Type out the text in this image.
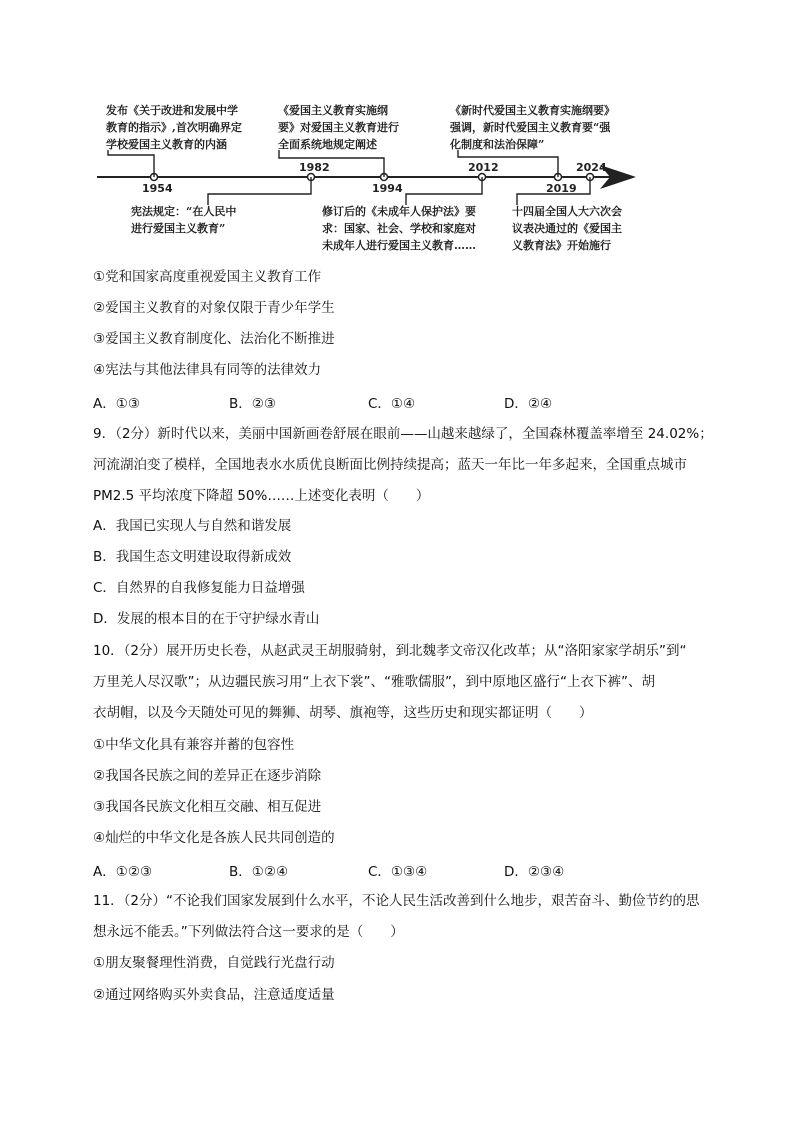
1954
1982
1994
2012
2019
2024
发布《关于改进和发展中学
教育的指示》,首次明确界定
学校爱国主义教育的内涵
《爱国主义教育实施纲
要》对爱国主义教育进行
全面系统地规定阐述
《新时代爱国主义教育实施纲要》
强调，新时代爱国主义教育要“强
化制度和法治保障”
宪法规定：“在人民中
进行爱国主义教育”
修订后的《未成年人保护法》要
求：国家、社会、学校和家庭对
未成年人进行爱国主义教育……
十四届全国人大六次会
议表决通过的《爱国主
义教育法》开始施行
①党和国家高度重视爱国主义教育工作
②爱国主义教育的对象仅限于青少年学生
③爱国主义教育制度化、法治化不断推进
④宪法与其他法律具有同等的法律效力
A．①③	B．②③	C．①④	D．②④
9．（2分）新时代以来，美丽中国新画卷舒展在眼前——山越来越绿了，全国森林覆盖率增至 24.02%；
河流湖泊变了模样，全国地表水水质优良断面比例持续提高；蓝天一年比一年多起来，全国重点城市
PM2.5 平均浓度下降超 50%……上述变化表明（　　）
A．我国已实现人与自然和谐发展
B．我国生态文明建设取得新成效
C．自然界的自我修复能力日益增强
D．发展的根本目的在于守护绿水青山
10．（2分）展开历史长卷，从赵武灵王胡服骑射，到北魏孝文帝汉化改革；从“洛阳家家学胡乐”到“
万里羌人尽汉歌”；从边疆民族习用“上衣下裳”、“雅歌儒服”，到中原地区盛行“上衣下裤”、胡
衣胡帽，以及今天随处可见的舞狮、胡琴、旗袍等，这些历史和现实都证明（　　）
①中华文化具有兼容并蓄的包容性
②我国各民族之间的差异正在逐步消除
③我国各民族文化相互交融、相互促进
④灿烂的中华文化是各族人民共同创造的
A．①②③	B．①②④	C．①③④	D．②③④
11．（2分）“不论我们国家发展到什么水平，不论人民生活改善到什么地步，艰苦奋斗、勤俭节约的思
想永远不能丢。”下列做法符合这一要求的是（　　）
①朋友聚餐理性消费，自觉践行光盘行动
②通过网络购买外卖食品，注意适度适量
